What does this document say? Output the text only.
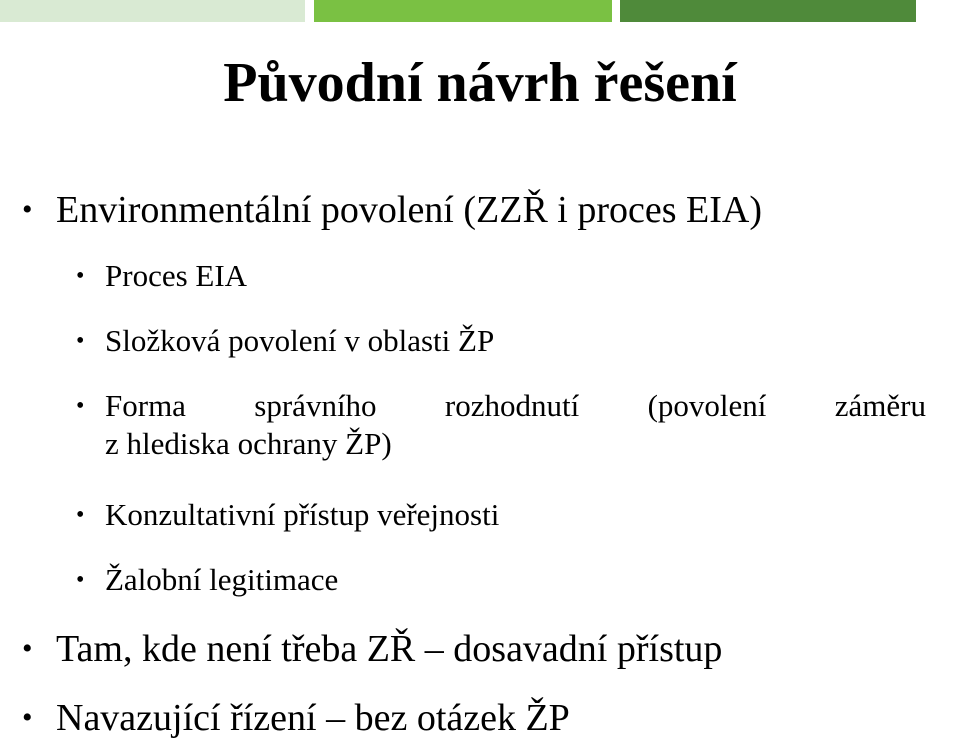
Původní návrh řešení
• Environmentální povolení (ZZŘ i proces EIA)
• Proces EIA
• Složková povolení v oblasti ŽP
• Forma správního rozhodnutí (povolení záměru
z hlediska ochrany ŽP)
• Konzultativní přístup veřejnosti
• Žalobní legitimace
• Tam, kde není třeba ZŘ – dosavadní přístup
• Navazující řízení – bez otázek ŽP
